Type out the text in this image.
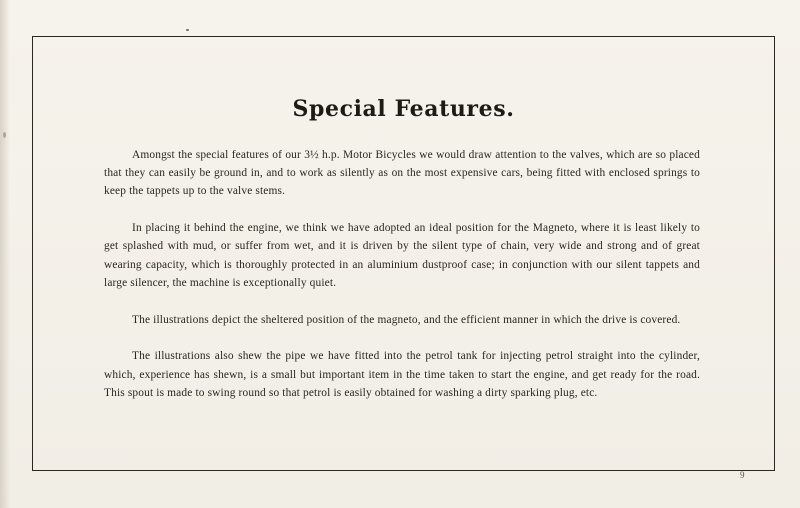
Special Features.

Amongst the special features of our 3½ h.p. Motor Bicycles we would draw attention to the valves, which are so placed that they can easily be ground in, and to work as silently as on the most expensive cars, being fitted with enclosed springs to keep the tappets up to the valve stems.

In placing it behind the engine, we think we have adopted an ideal position for the Magneto, where it is least likely to get splashed with mud, or suffer from wet, and it is driven by the silent type of chain, very wide and strong and of great wearing capacity, which is thoroughly protected in an aluminium dustproof case; in conjunction with our silent tappets and large silencer, the machine is exceptionally quiet.

The illustrations depict the sheltered position of the magneto, and the efficient manner in which the drive is covered.

The illustrations also shew the pipe we have fitted into the petrol tank for injecting petrol straight into the cylinder, which, experience has shewn, is a small but important item in the time taken to start the engine, and get ready for the road. This spout is made to swing round so that petrol is easily obtained for washing a dirty sparking plug, etc.

9
